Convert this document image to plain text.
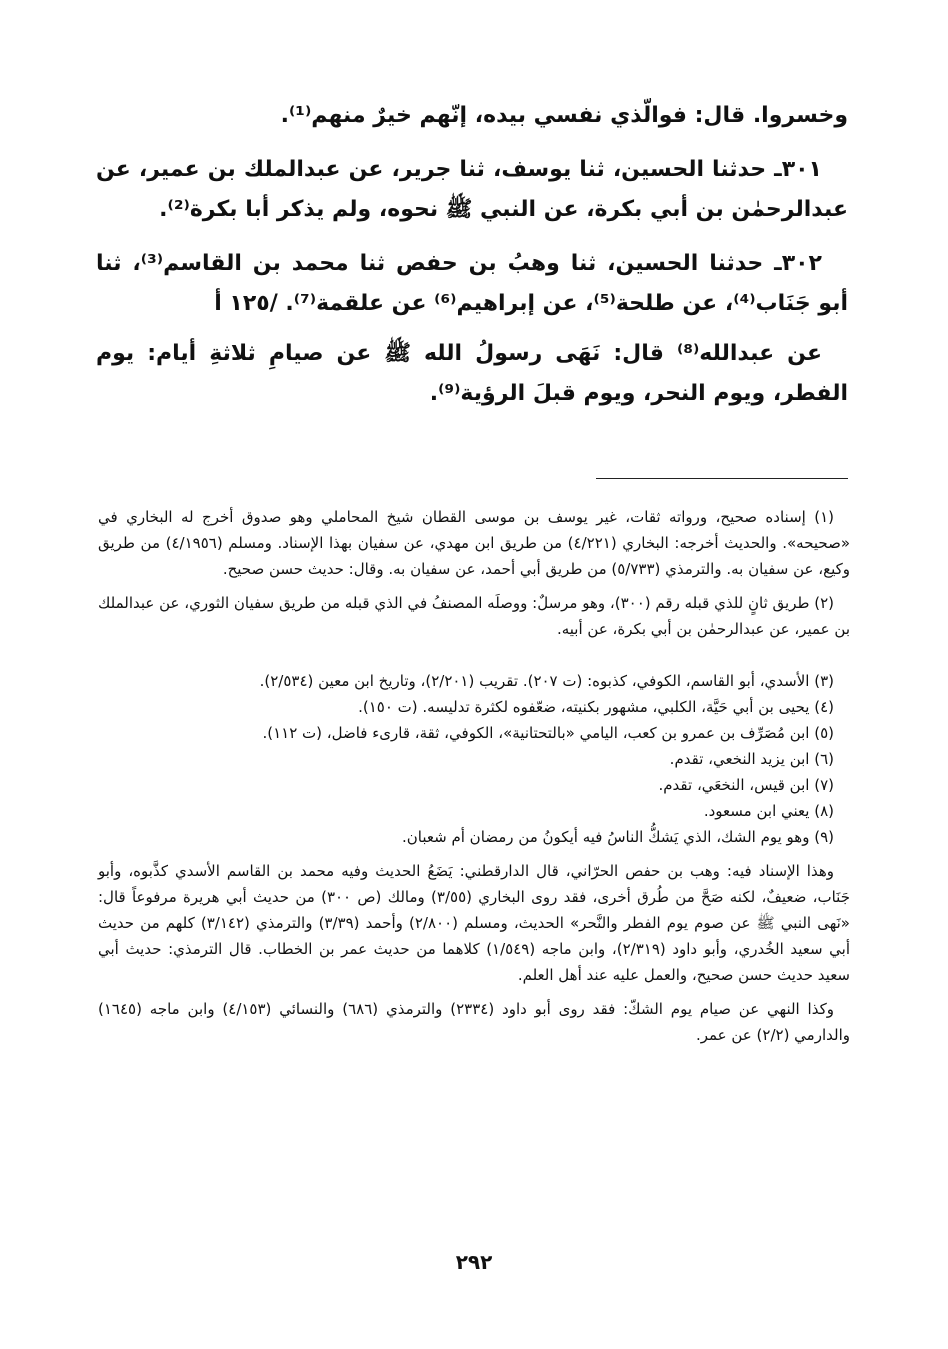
وخسروا. قال: فوالّذي نفسي بيده، إنّهم خيرٌ منهم⁽¹⁾.

٣٠١ـ حدثنا الحسين، ثنا يوسف، ثنا جرير، عن عبدالملك بن عمير، عن عبدالرحمٰن بن أبي بكرة، عن النبي ﷺ نحوه، ولم يذكر أبا بكرة⁽²⁾.

٣٠٢ـ حدثنا الحسين، ثنا وهبُ بن حفص ثنا محمد بن القاسم⁽³⁾، ثنا أبو جَنَاب⁽⁴⁾، عن طلحة⁽⁵⁾، عن إبراهيم⁽⁶⁾ عن علقمة⁽⁷⁾. /١٢٥ أ

عن عبدالله⁽⁸⁾ قال: نَهَى رسولُ الله ﷺ عن صيامِ ثلاثةِ أيام: يوم الفطر، ويوم النحر، ويوم قبلَ الرؤية⁽⁹⁾.

(١) إسناده صحيح، ورواته ثقات، غير يوسف بن موسى القطان شيخ المحاملي وهو صدوق أخرج له البخاري في «صحيحه». والحديث أخرجه: البخاري (٤/٢٢١) من طريق ابن مهدي، عن سفيان بهذا الإسناد. ومسلم (٤/١٩٥٦) من طريق وكيع، عن سفيان به. والترمذي (٥/٧٣٣) من طريق أبي أحمد، عن سفيان به. وقال: حديث حسن صحيح.

(٢) طريق ثانٍ للذي قبله رقم (٣٠٠)، وهو مرسلٌ: ووصلَه المصنفُ في الذي قبله من طريق سفيان الثوري، عن عبدالملك بن عمير، عن عبدالرحمٰن بن أبي بكرة، عن أبيه.

(٣) الأسدي، أبو القاسم، الكوفي، كذبوه: (ت ٢٠٧). تقريب (٢/٢٠١)، وتاريخ ابن معين (٢/٥٣٤).

(٤) يحيى بن أبي حَيَّة، الكلبي، مشهور بكنيته، ضعّفوه لكثرة تدليسه. (ت ١٥٠).

(٥) ابن مُصَرِّف بن عمرو بن كعب، اليامي «بالتحتانية»، الكوفي، ثقة، قارىء فاضل، (ت ١١٢).

(٦) ابن يزيد النخعي، تقدم.

(٧) ابن قيس، النخعَي، تقدم.

(٨) يعني ابن مسعود.

(٩) وهو يوم الشك، الذي يَشكُّ الناسُ فيه أيكونُ من رمضان أم شعبان.

وهذا الإسناد فيه: وهب بن حفص الحرّاني، قال الدارقطني: يَضَعُ الحديث وفيه محمد بن القاسم الأسدي كذَّبوه، وأبو جَنَاب، ضعيفٌ، لكنه صَحَّ من طُرق أخرى، فقد روى البخاري (٣/٥٥) ومالك (ص ٣٠٠) من حديث أبي هريرة مرفوعاً قال: «نَهى النبي ﷺ عن صوم يوم الفطر والنَّحر» الحديث، ومسلم (٢/٨٠٠) وأحمد (٣/٣٩) والترمذي (٣/١٤٢) كلهم من حديث أبي سعيد الخُدري، وأبو داود (٢/٣١٩)، وابن ماجه (١/٥٤٩) كلاهما من حديث عمر بن الخطاب. قال الترمذي: حديث أبي سعيد حديث حسن صحيح، والعمل عليه عند أهل العلم.

وكذا النهي عن صيام يوم الشكّ: فقد روى أبو داود (٢٣٣٤) والترمذي (٦٨٦) والنسائي (٤/١٥٣) وابن ماجه (١٦٤٥) والدارمي (٢/٢) عن عمر.

٢٩٢
